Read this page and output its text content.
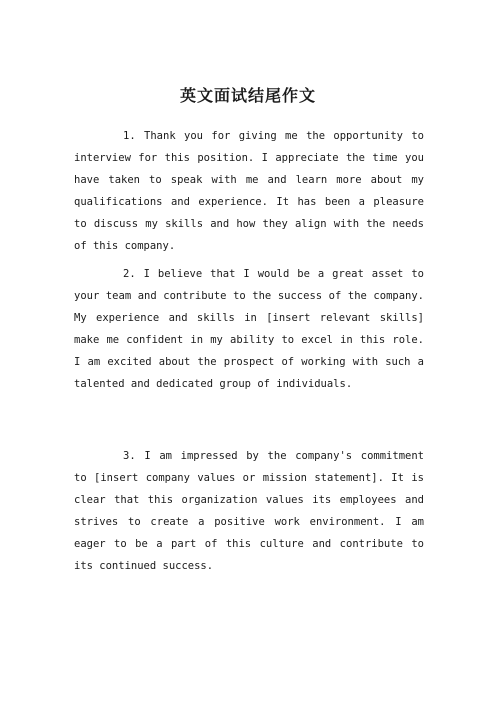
英文面试结尾作文

1. Thank you for giving me the opportunity to interview for this position. I appreciate the time you have taken to speak with me and learn more about my qualifications and experience. It has been a pleasure to discuss my skills and how they align with the needs of this company.

2. I believe that I would be a great asset to your team and contribute to the success of the company. My experience and skills in [insert relevant skills] make me confident in my ability to excel in this role. I am excited about the prospect of working with such a talented and dedicated group of individuals.

3. I am impressed by the company's commitment to [insert company values or mission statement]. It is clear that this organization values its employees and strives to create a positive work environment. I am eager to be a part of this culture and contribute to its continued success.
